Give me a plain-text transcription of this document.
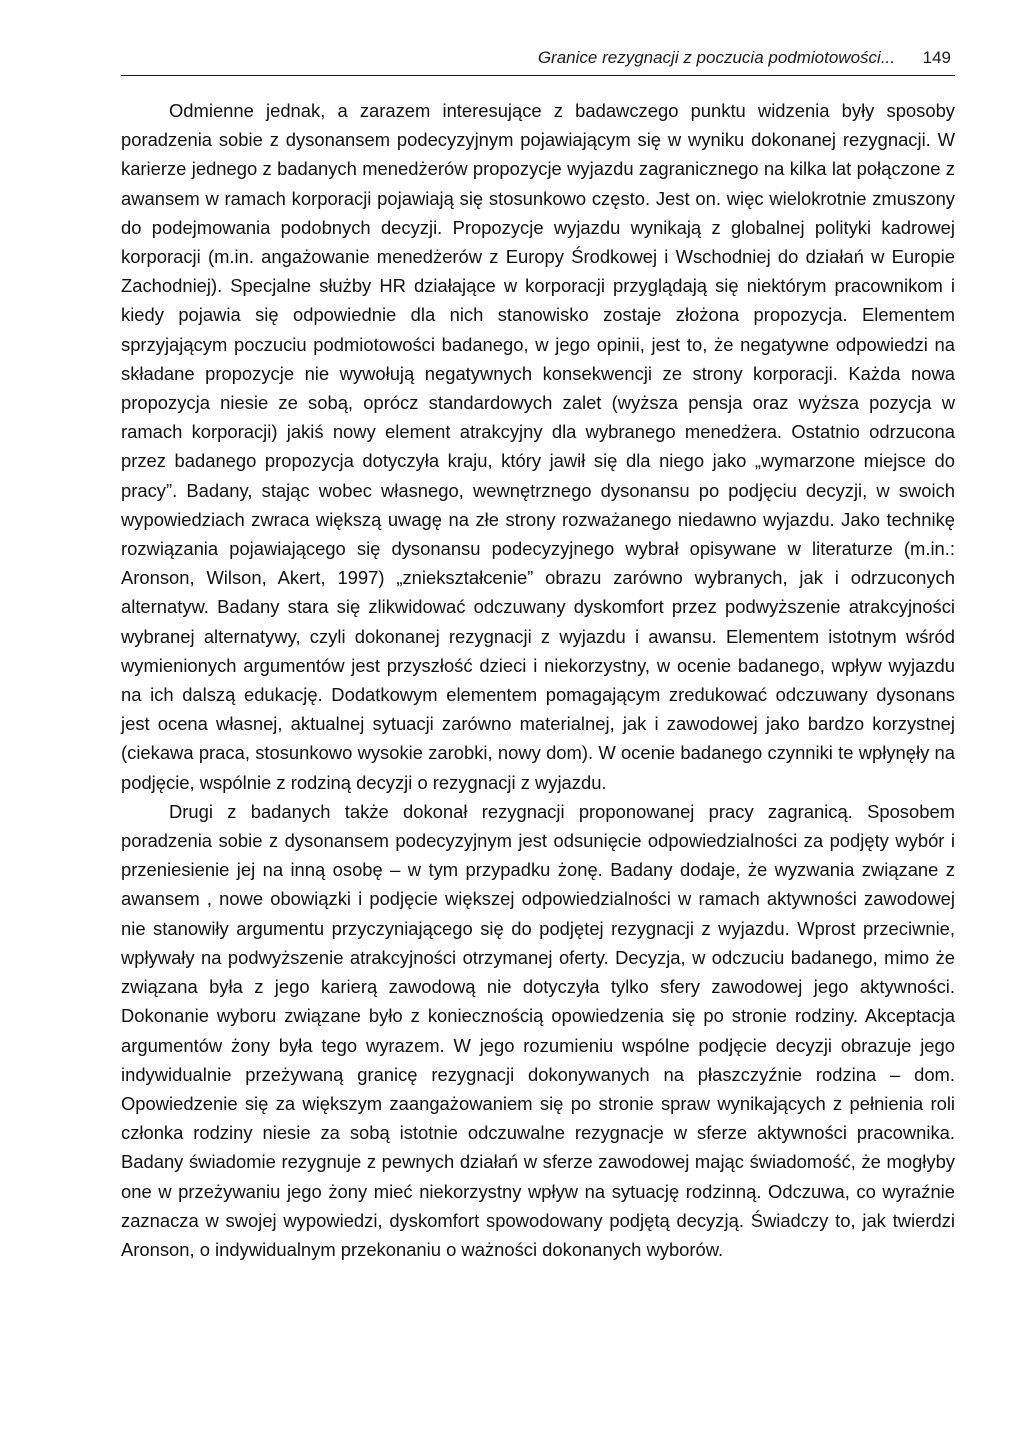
Granice rezygnacji z poczucia podmiotowości... 149

Odmienne jednak, a zarazem interesujące z badawczego punktu widzenia były sposoby poradzenia sobie z dysonansem podecyzyjnym pojawiającym się w wyniku dokonanej rezygnacji. W karierze jednego z badanych menedżerów propozycje wyjazdu zagranicznego na kilka lat połączone z awansem w ramach korporacji pojawiają się stosunkowo często. Jest on. więc wielokrotnie zmuszony do podejmowania podobnych decyzji. Propozycje wyjazdu wynikają z globalnej polityki kadrowej korporacji (m.in. angażowanie menedżerów z Europy Środkowej i Wschodniej do działań w Europie Zachodniej). Specjalne służby HR działające w korporacji przyglądają się niektórym pracownikom i kiedy pojawia się odpowiednie dla nich stanowisko zostaje złożona propozycja. Elementem sprzyjającym poczuciu podmiotowości badanego, w jego opinii, jest to, że negatywne odpowiedzi na składane propozycje nie wywołują negatywnych konsekwencji ze strony korporacji. Każda nowa propozycja niesie ze sobą, oprócz standardowych zalet (wyższa pensja oraz wyższa pozycja w ramach korporacji) jakiś nowy element atrakcyjny dla wybranego menedżera. Ostatnio odrzucona przez badanego propozycja dotyczyła kraju, który jawił się dla niego jako „wymarzone miejsce do pracy”. Badany, stając wobec własnego, wewnętrznego dysonansu po podjęciu decyzji, w swoich wypowiedziach zwraca większą uwagę na złe strony rozważanego niedawno wyjazdu. Jako technikę rozwiązania pojawiającego się dysonansu podecyzyjnego wybrał opisywane w literaturze (m.in.: Aronson, Wilson, Akert, 1997) „zniekształcenie” obrazu zarówno wybranych, jak i odrzuconych alternatyw. Badany stara się zlikwidować odczuwany dyskomfort przez podwyższenie atrakcyjności wybranej alternatywy, czyli dokonanej rezygnacji z wyjazdu i awansu. Elementem istotnym wśród wymienionych argumentów jest przyszłość dzieci i niekorzystny, w ocenie badanego, wpływ wyjazdu na ich dalszą edukację. Dodatkowym elementem pomagającym zredukować odczuwany dysonans jest ocena własnej, aktualnej sytuacji zarówno materialnej, jak i zawodowej jako bardzo korzystnej (ciekawa praca, stosunkowo wysokie zarobki, nowy dom). W ocenie badanego czynniki te wpłynęły na podjęcie, wspólnie z rodziną decyzji o rezygnacji z wyjazdu.

Drugi z badanych także dokonał rezygnacji proponowanej pracy zagranicą. Sposobem poradzenia sobie z dysonansem podecyzyjnym jest odsunięcie odpowiedzialności za podjęty wybór i przeniesienie jej na inną osobę – w tym przypadku żonę. Badany dodaje, że wyzwania związane z awansem , nowe obowiązki i podjęcie większej odpowiedzialności w ramach aktywności zawodowej nie stanowiły argumentu przyczyniającego się do podjętej rezygnacji z wyjazdu. Wprost przeciwnie, wpływały na podwyższenie atrakcyjności otrzymanej oferty. Decyzja, w odczuciu badanego, mimo że związana była z jego karierą zawodową nie dotyczyła tylko sfery zawodowej jego aktywności. Dokonanie wyboru związane było z koniecznością opowiedzenia się po stronie rodziny. Akceptacja argumentów żony była tego wyrazem. W jego rozumieniu wspólne podjęcie decyzji obrazuje jego indywidualnie przeżywaną granicę rezygnacji dokonywanych na płaszczyźnie rodzina – dom. Opowiedzenie się za większym zaangażowaniem się po stronie spraw wynikających z pełnienia roli członka rodziny niesie za sobą istotnie odczuwalne rezygnacje w sferze aktywności pracownika. Badany świadomie rezygnuje z pewnych działań w sferze zawodowej mając świadomość, że mogłyby one w przeżywaniu jego żony mieć niekorzystny wpływ na sytuację rodzinną. Odczuwa, co wyraźnie zaznacza w swojej wypowiedzi, dyskomfort spowodowany podjętą decyzją. Świadczy to, jak twierdzi Aronson, o indywidualnym przekonaniu o ważności dokonanych wyborów.
